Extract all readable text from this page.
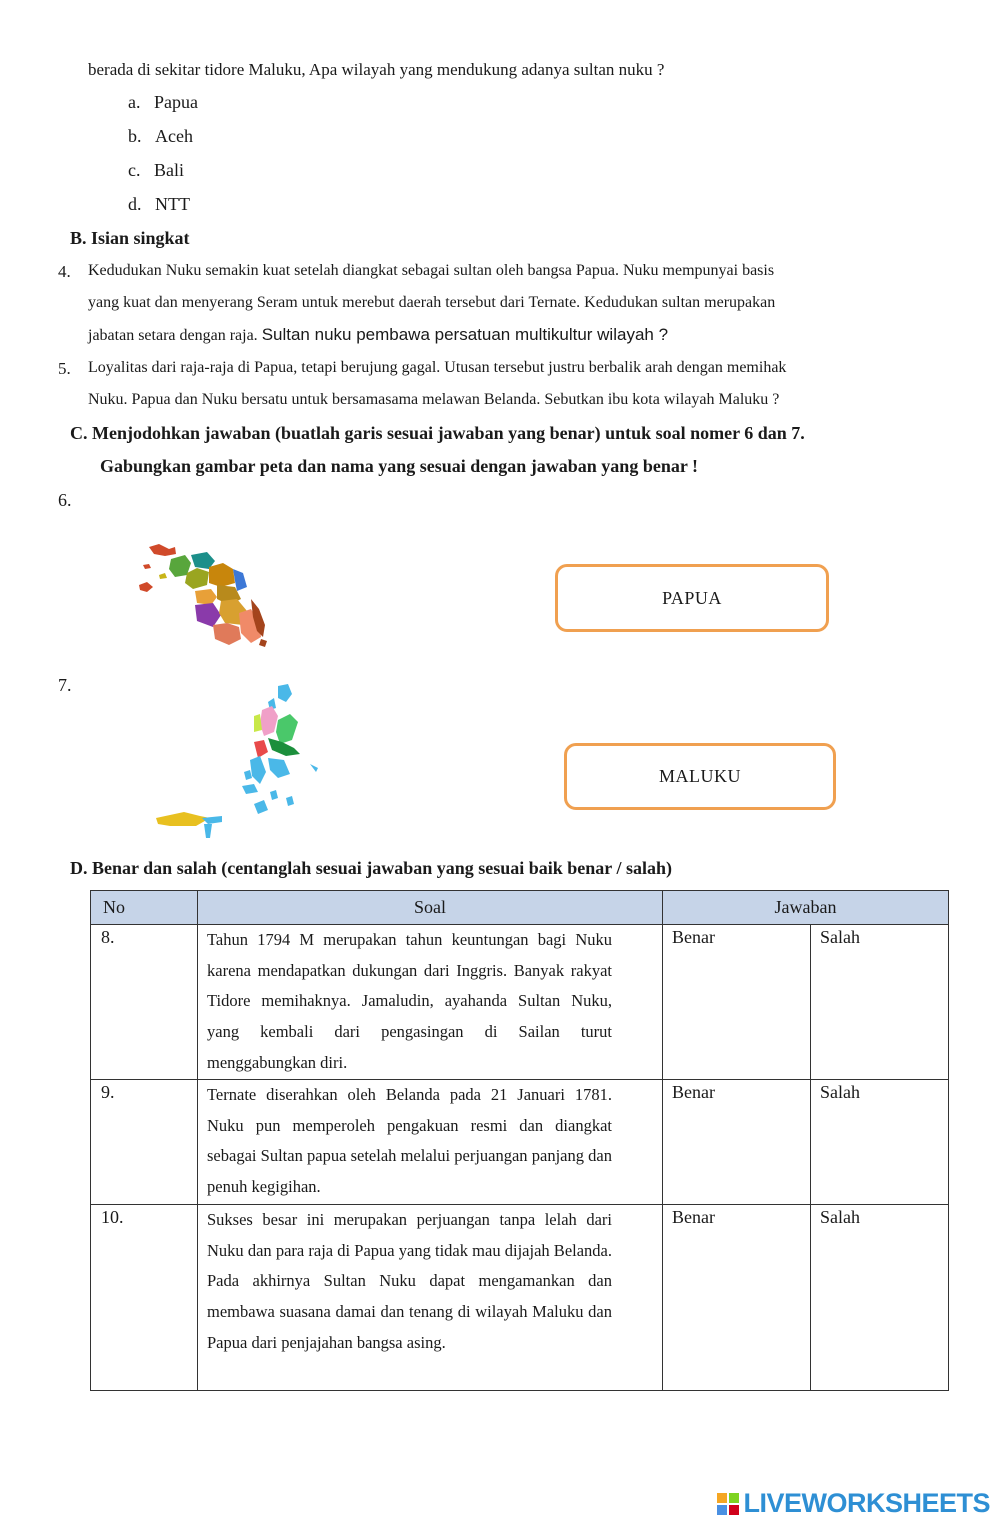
berada di sekitar tidore Maluku, Apa wilayah yang mendukung adanya sultan nuku ?
a. Papua
b. Aceh
c. Bali
d. NTT
B. Isian singkat
4. Kedudukan Nuku semakin kuat setelah diangkat sebagai sultan oleh bangsa Papua. Nuku mempunyai basis
yang kuat dan menyerang Seram untuk merebut daerah tersebut dari Ternate. Kedudukan sultan merupakan
jabatan setara dengan raja. Sultan nuku pembawa persatuan multikultur wilayah ?
5. Loyalitas dari raja-raja di Papua, tetapi berujung gagal. Utusan tersebut justru berbalik arah dengan memihak
Nuku. Papua dan Nuku bersatu untuk bersamasama melawan Belanda. Sebutkan ibu kota wilayah Maluku ?
C. Menjodohkan jawaban (buatlah garis sesuai jawaban yang benar) untuk soal nomer 6 dan 7.
Gabungkan gambar peta dan nama yang sesuai dengan jawaban yang benar !
6.
PAPUA
7.
MALUKU
D. Benar dan salah (centanglah sesuai jawaban yang sesuai baik benar / salah)
No	Soal	Jawaban	
8.	Tahun 1794 M merupakan tahun keuntungan bagi Nuku karena mendapatkan dukungan dari Inggris. Banyak rakyat Tidore memihaknya. Jamaludin, ayahanda Sultan Nuku, yang kembali dari pengasingan di Sailan turut menggabungkan diri.	Benar	Salah
9.	Ternate diserahkan oleh Belanda pada 21 Januari 1781. Nuku pun memperoleh pengakuan resmi dan diangkat sebagai Sultan papua setelah melalui perjuangan panjang dan penuh kegigihan.	Benar	Salah
10.	Sukses besar ini merupakan perjuangan tanpa lelah dari Nuku dan para raja di Papua yang tidak mau dijajah Belanda. Pada akhirnya Sultan Nuku dapat mengamankan dan membawa suasana damai dan tenang di wilayah Maluku dan Papua dari penjajahan bangsa asing.	Benar	Salah
LIVEWORKSHEETS
